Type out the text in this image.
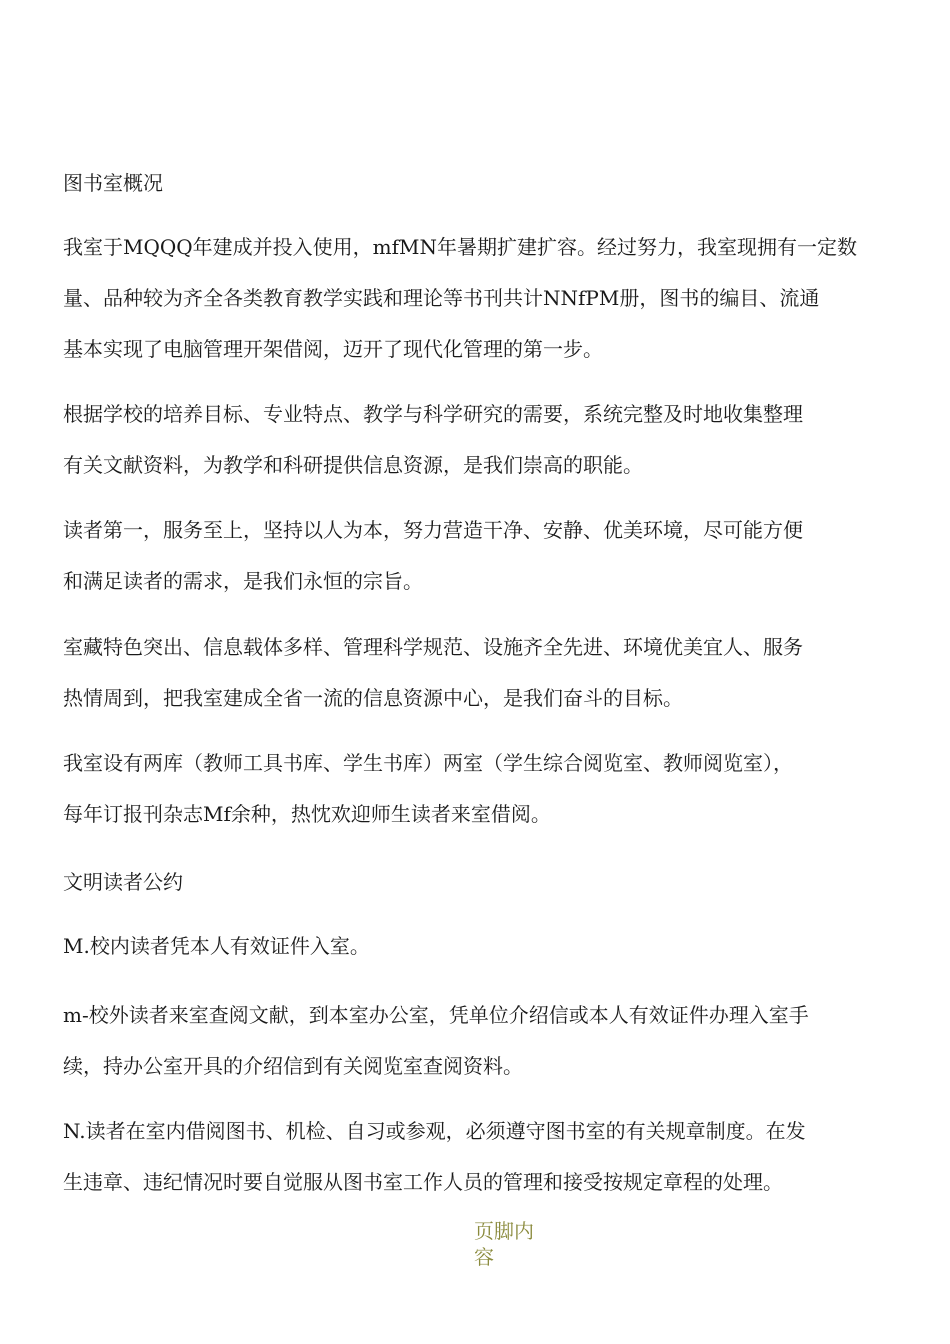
图书室概况

我室于MQQQ年建成并投入使用，mfMN年暑期扩建扩容。经过努力，我室现拥有一定数
量、品种较为齐全各类教育教学实践和理论等书刊共计NNfPM册，图书的编目、流通
基本实现了电脑管理开架借阅，迈开了现代化管理的第一步。

根据学校的培养目标、专业特点、教学与科学研究的需要，系统完整及时地收集整理
有关文献资料，为教学和科研提供信息资源，是我们崇高的职能。

读者第一，服务至上，坚持以人为本，努力营造干净、安静、优美环境，尽可能方便
和满足读者的需求，是我们永恒的宗旨。

室藏特色突出、信息载体多样、管理科学规范、设施齐全先进、环境优美宜人、服务
热情周到，把我室建成全省一流的信息资源中心，是我们奋斗的目标。

我室设有两库（教师工具书库、学生书库）两室（学生综合阅览室、教师阅览室），
每年订报刊杂志Mf余种，热忱欢迎师生读者来室借阅。

文明读者公约

M.校内读者凭本人有效证件入室。

m-校外读者来室查阅文献，到本室办公室，凭单位介绍信或本人有效证件办理入室手
续，持办公室开具的介绍信到有关阅览室查阅资料。

N.读者在室内借阅图书、机检、自习或参观，必须遵守图书室的有关规章制度。在发
生违章、违纪情况时要自觉服从图书室工作人员的管理和接受按规定章程的处理。

页脚内
容
